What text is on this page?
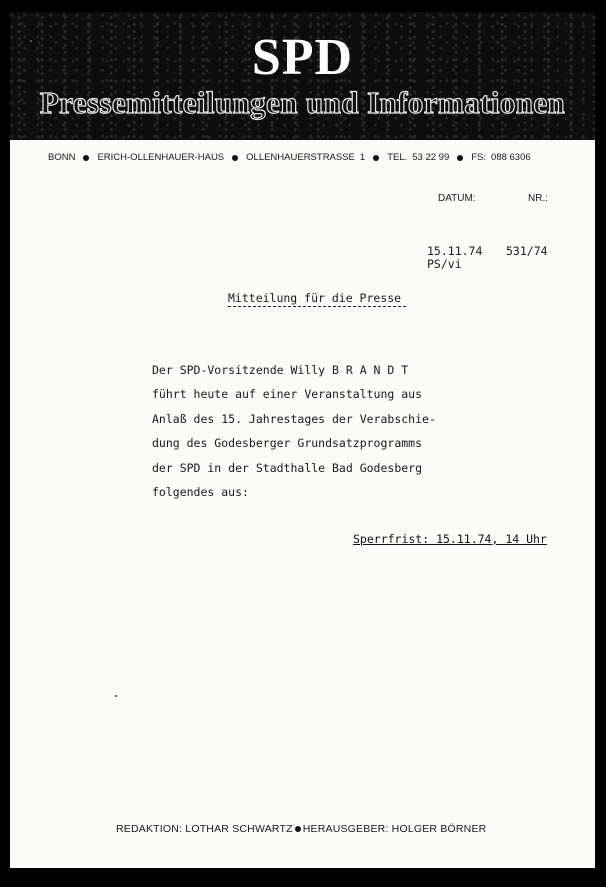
SPD
Pressemitteilungen und Informationen
BONN ERICH-OLLENHAUER-HAUS OLLENHAUERSTRASSE 1 TEL. 53 22 99 FS: 088 6306
DATUM:	NR.:
15.11.74 531/74
PS/vi
Mitteilung für die Presse
Der SPD-Vorsitzende Willy B R A N D T
führt heute auf einer Veranstaltung aus
Anlaß des 15. Jahrestages der Verabschie-
dung des Godesberger Grundsatzprogramms
der SPD in der Stadthalle Bad Godesberg
folgendes aus:
Sperrfrist: 15.11.74, 14 Uhr
REDAKTION: LOTHAR SCHWARTZ HERAUSGEBER: HOLGER BÖRNER
